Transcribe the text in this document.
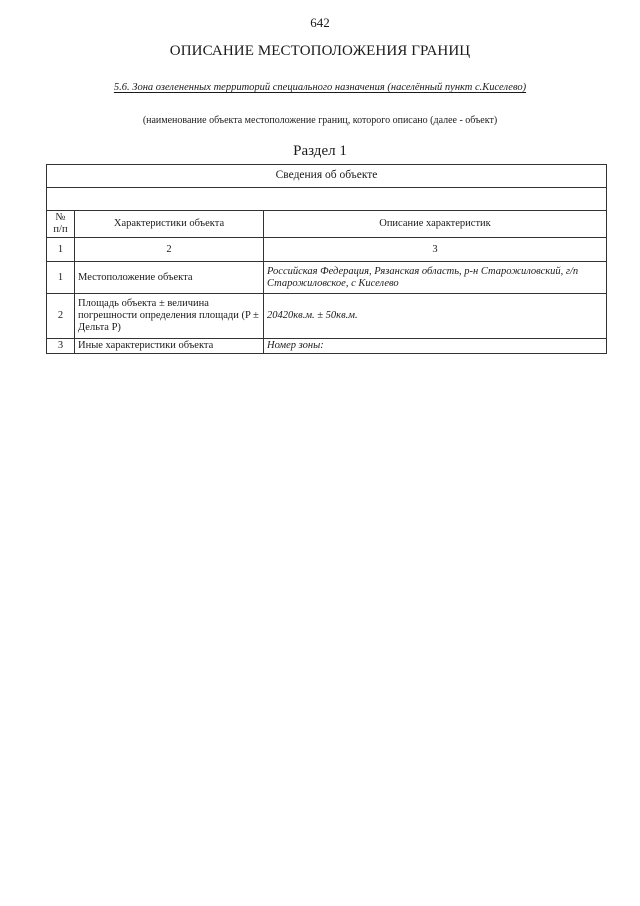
642
ОПИСАНИЕ МЕСТОПОЛОЖЕНИЯ ГРАНИЦ
5.6. Зона озелененных территорий специального назначения (населённый пункт с.Киселево)
(наименование объекта местоположение границ, которого описано (далее - объект)
Раздел 1
Сведения об объекте		

№ п/п	Характеристики объекта	Описание характеристик
1	2	3
1	Местоположение объекта	Российская Федерация, Рязанская область, р-н Старожиловский, г/п Старожиловское, с Киселево
2	Площадь объекта ± величина погрешности определения площади (P ± Дельта P)	20420кв.м. ± 50кв.м.
3	Иные характеристики объекта	Номер зоны:
